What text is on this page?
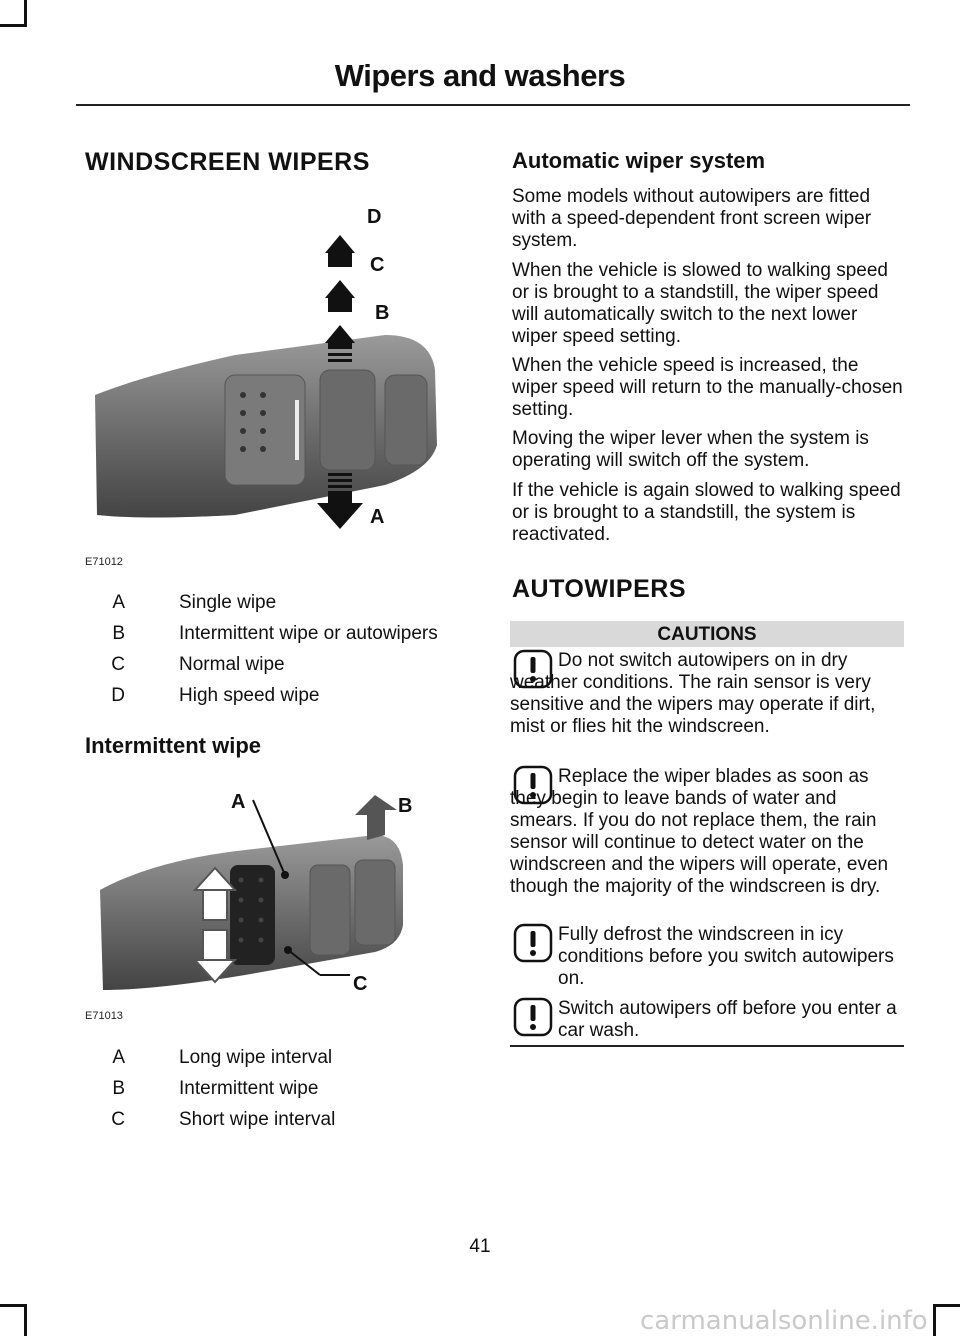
Wipers and washers
WINDSCREEN WIPERS
D
C
B
A
E71012
A	Single wipe
B	Intermittent wipe or autowipers
C	Normal wipe
D	High speed wipe
Intermittent wipe
A	B
C
E71013
A	Long wipe interval
B	Intermittent wipe
C	Short wipe interval
Automatic wiper system
Some models without autowipers are fitted with a speed-dependent front screen wiper system.
When the vehicle is slowed to walking speed or is brought to a standstill, the wiper speed will automatically switch to the next lower wiper speed setting.
When the vehicle speed is increased, the wiper speed will return to the manually-chosen setting.
Moving the wiper lever when the system is operating will switch off the system.
If the vehicle is again slowed to walking speed or is brought to a standstill, the system is reactivated.
AUTOWIPERS
CAUTIONS
Do not switch autowipers on in dry weather conditions. The rain sensor is very sensitive and the wipers may operate if dirt, mist or flies hit the windscreen.
Replace the wiper blades as soon as they begin to leave bands of water and smears. If you do not replace them, the rain sensor will continue to detect water on the windscreen and the wipers will operate, even though the majority of the windscreen is dry.
Fully defrost the windscreen in icy conditions before you switch autowipers on.
Switch autowipers off before you enter a car wash.
41
carmanualsonline.info
